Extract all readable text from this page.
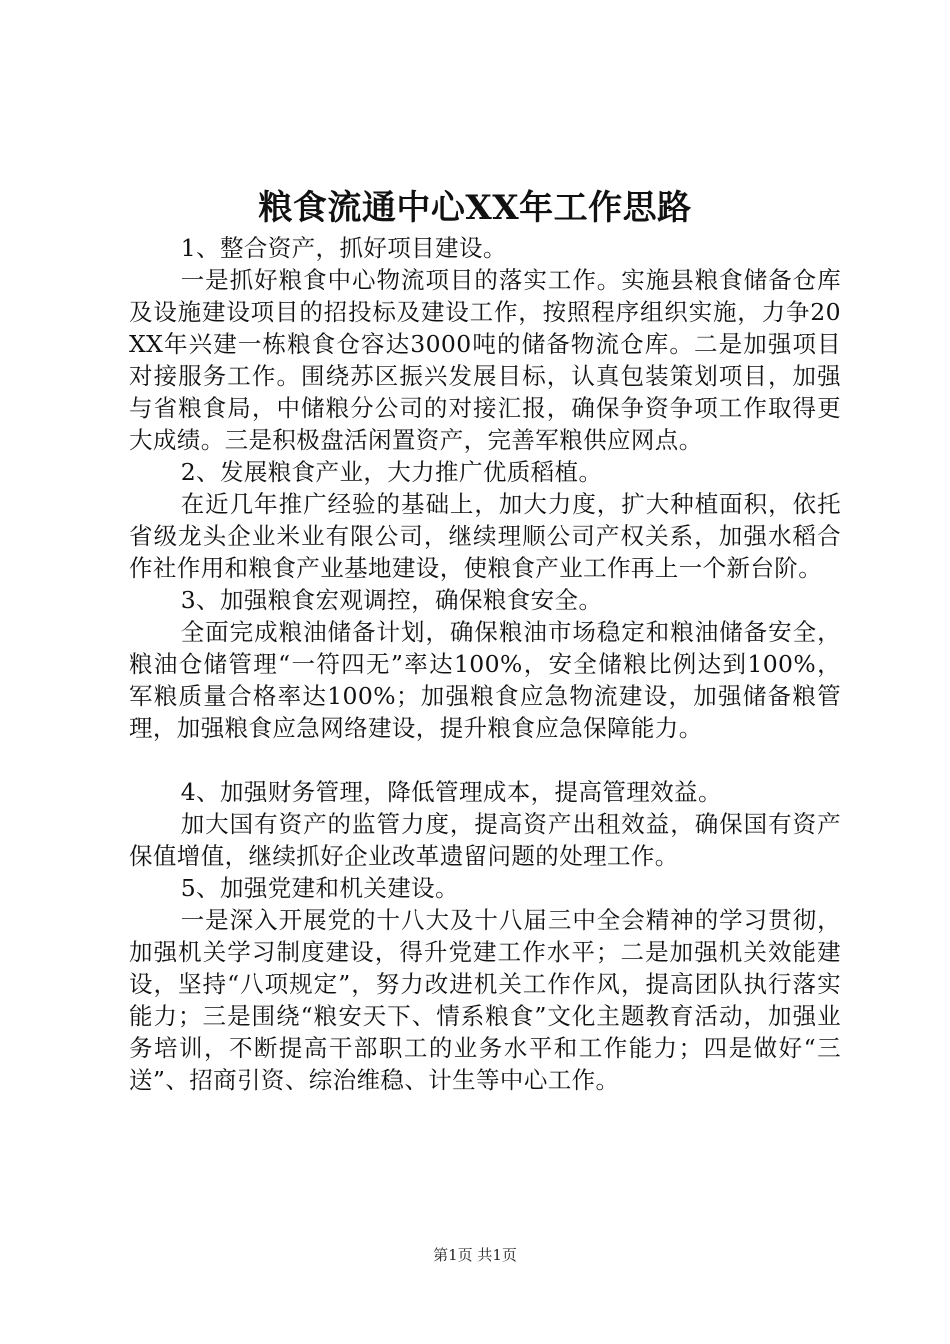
粮食流通中心XX年工作思路

1、整合资产，抓好项目建设。

一是抓好粮食中心物流项目的落实工作。实施县粮食储备仓库及设施建设项目的招投标及建设工作，按照程序组织实施，力争20XX年兴建一栋粮食仓容达3000吨的储备物流仓库。二是加强项目对接服务工作。围绕苏区振兴发展目标，认真包装策划项目，加强与省粮食局，中储粮分公司的对接汇报，确保争资争项工作取得更大成绩。三是积极盘活闲置资产，完善军粮供应网点。

2、发展粮食产业，大力推广优质稻植。

在近几年推广经验的基础上，加大力度，扩大种植面积，依托省级龙头企业米业有限公司，继续理顺公司产权关系，加强水稻合作社作用和粮食产业基地建设，使粮食产业工作再上一个新台阶。

3、加强粮食宏观调控，确保粮食安全。

全面完成粮油储备计划，确保粮油市场稳定和粮油储备安全，粮油仓储管理“一符四无”率达100%，安全储粮比例达到100%，军粮质量合格率达100%；加强粮食应急物流建设，加强储备粮管理，加强粮食应急网络建设，提升粮食应急保障能力。

4、加强财务管理，降低管理成本，提高管理效益。

加大国有资产的监管力度，提高资产出租效益，确保国有资产保值增值，继续抓好企业改革遗留问题的处理工作。

5、加强党建和机关建设。

一是深入开展党的十八大及十八届三中全会精神的学习贯彻，加强机关学习制度建设，得升党建工作水平；二是加强机关效能建设，坚持“八项规定”，努力改进机关工作作风，提高团队执行落实能力；三是围绕“粮安天下、情系粮食”文化主题教育活动，加强业务培训，不断提高干部职工的业务水平和工作能力；四是做好“三送”、招商引资、综治维稳、计生等中心工作。

第1页 共1页
